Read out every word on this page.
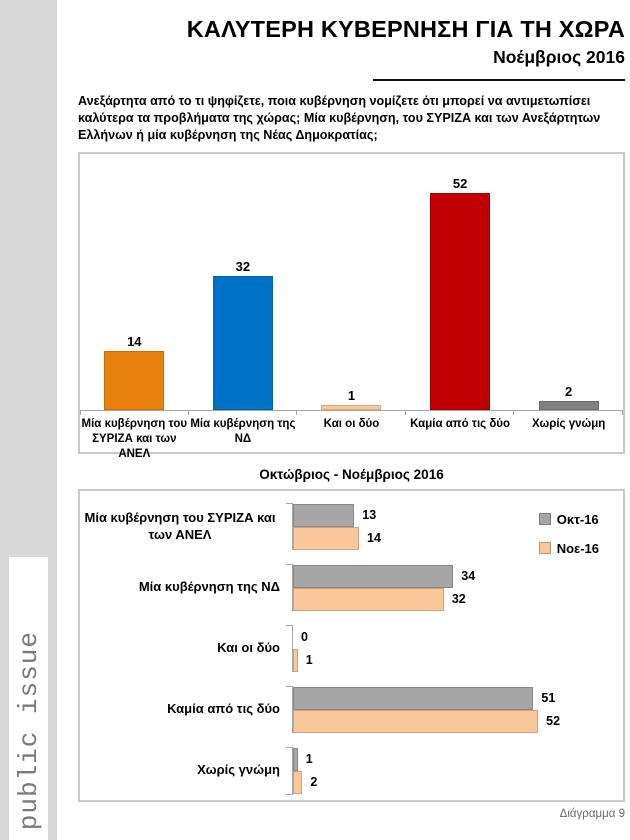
public issue
ΚΑΛΥΤΕΡΗ ΚΥΒΕΡΝΗΣΗ ΓΙΑ ΤΗ ΧΩΡΑ
Νοέμβριος 2016

Ανεξάρτητα από το τι ψηφίζετε, ποια κυβέρνηση νομίζετε ότι μπορεί να αντιμετωπίσει καλύτερα τα προβλήματα της χώρας; Μία κυβέρνηση, του ΣΥΡΙΖΑ και των Ανεξάρτητων Ελλήνων ή μία κυβέρνηση της Νέας Δημοκρατίας;

14
32
1
52
2
Μία κυβέρνηση του ΣΥΡΙΖΑ και των ΑΝΕΛ
Μία κυβέρνηση της ΝΔ
Και οι δύο	Καμία από τις δύο	Χωρίς γνώμη
Οκτώβριος - Νοέμβριος 2016
Οκτ-16
Νοε-16
Μία κυβέρνηση του ΣΥΡΙΖΑ και των ΑΝΕΛ
13
14
Μία κυβέρνηση της ΝΔ
34
32
Και οι δύο
0
1
Καμία από τις δύο
51
52
Χωρίς γνώμη
1
2
Διάγραμμα 9
